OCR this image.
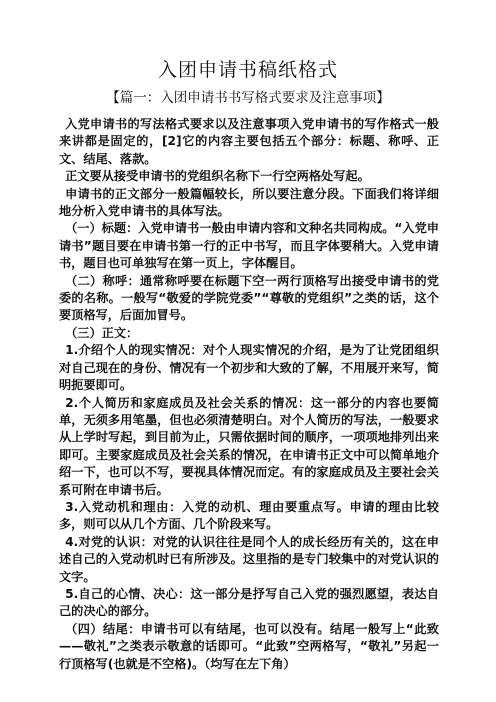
入团申请书稿纸格式
【篇一：入团申请书书写格式要求及注意事项】

入党申请书的写法格式要求以及注意事项入党申请书的写作格式一般来讲都是固定的，[2]它的内容主要包括五个部分：标题、称呼、正文、结尾、落款。

正文要从接受申请书的党组织名称下一行空两格处写起。

申请书的正文部分一般篇幅较长，所以要注意分段。下面我们将详细地分析入党申请书的具体写法。

（一）标题：入党申请书一般由申请内容和文种名共同构成。“入党申请书”题目要在申请书第一行的正中书写，而且字体要稍大。入党申请书，题目也可单独写在第一页上，字体醒目。

（二）称呼：通常称呼要在标题下空一两行顶格写出接受申请书的党委的名称。一般写“敬爱的学院党委”“尊敬的党组织”之类的话，这个要顶格写，后面加冒号。

（三）正文：

1.介绍个人的现实情况：对个人现实情况的介绍，是为了让党团组织对自己现在的身份、情况有一个初步和大致的了解，不用展开来写，简明扼要即可。

2.个人简历和家庭成员及社会关系的情况：这一部分的内容也要简单，无须多用笔墨，但也必须清楚明白。对个人简历的写法，一般要求从上学时写起，到目前为止，只需依据时间的顺序，一项项地排列出来即可。主要家庭成员及社会关系的情况，在申请书正文中可以简单地介绍一下，也可以不写，要视具体情况而定。有的家庭成员及主要社会关系可附在申请书后。

3.入党动机和理由：入党的动机、理由要重点写。申请的理由比较多，则可以从几个方面、几个阶段来写。

4.对党的认识：对党的认识往往是同个人的成长经历有关的，这在申述自己的入党动机时已有所涉及。这里指的是专门较集中的对党认识的文字。

5.自己的心情、决心：这一部分是抒写自己入党的强烈愿望，表达自己的决心的部分。

（四）结尾：申请书可以有结尾，也可以没有。结尾一般写上“此致——敬礼”之类表示敬意的话即可。“此致”空两格写，“敬礼”另起一行顶格写(也就是不空格)。（均写在左下角）
